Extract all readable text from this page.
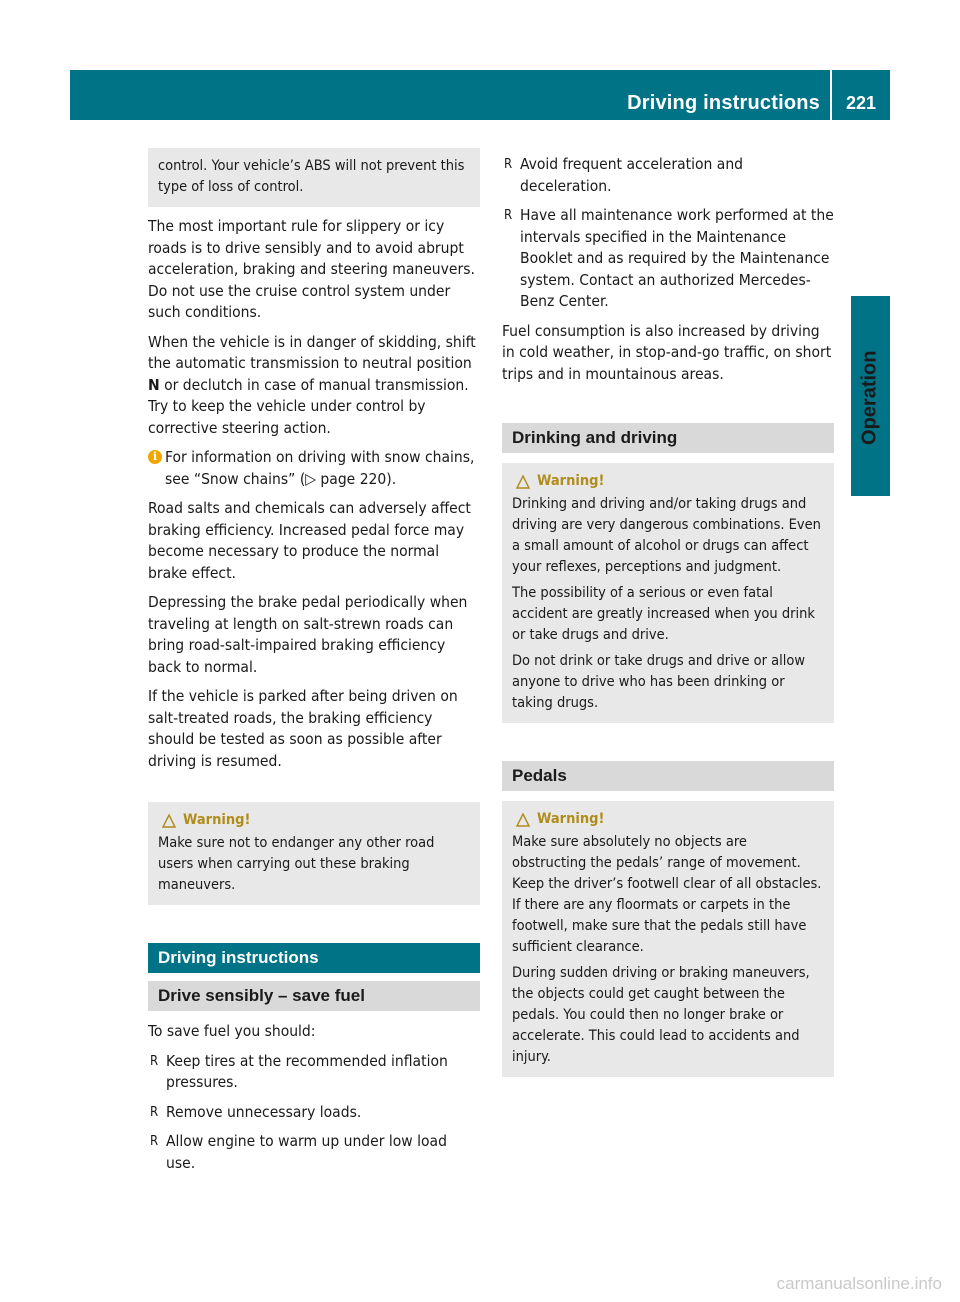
Driving instructions	221
Operation

control. Your vehicle’s ABS will not prevent this type of loss of control.

The most important rule for slippery or icy roads is to drive sensibly and to avoid abrupt acceleration, braking and steering maneuvers. Do not use the cruise control system under such conditions.

When the vehicle is in danger of skidding, shift the automatic transmission to neutral position N or declutch in case of manual transmission. Try to keep the vehicle under control by corrective steering action.

i For information on driving with snow chains, see “Snow chains” (▷ page 220).

Road salts and chemicals can adversely affect braking efficiency. Increased pedal force may become necessary to produce the normal brake effect.

Depressing the brake pedal periodically when traveling at length on salt-strewn roads can bring road-salt-impaired braking efficiency back to normal.

If the vehicle is parked after being driven on salt-treated roads, the braking efficiency should be tested as soon as possible after driving is resumed.

Warning!

Make sure not to endanger any other road users when carrying out these braking maneuvers.

Driving instructions
Drive sensibly – save fuel

To save fuel you should:

R Keep tires at the recommended inflation pressures.
R Remove unnecessary loads.
R Allow engine to warm up under low load use.
R Avoid frequent acceleration and deceleration.
R Have all maintenance work performed at the intervals specified in the Maintenance Booklet and as required by the Maintenance system. Contact an authorized Mercedes-Benz Center.

Fuel consumption is also increased by driving in cold weather, in stop-and-go traffic, on short trips and in mountainous areas.

Drinking and driving
Warning!

Drinking and driving and/or taking drugs and driving are very dangerous combinations. Even a small amount of alcohol or drugs can affect your reflexes, perceptions and judgment.

The possibility of a serious or even fatal accident are greatly increased when you drink or take drugs and drive.

Do not drink or take drugs and drive or allow anyone to drive who has been drinking or taking drugs.

Pedals
Warning!

Make sure absolutely no objects are obstructing the pedals’ range of movement. Keep the driver’s footwell clear of all obstacles. If there are any floormats or carpets in the footwell, make sure that the pedals still have sufficient clearance.

During sudden driving or braking maneuvers, the objects could get caught between the pedals. You could then no longer brake or accelerate. This could lead to accidents and injury.

carmanualsonline.info
